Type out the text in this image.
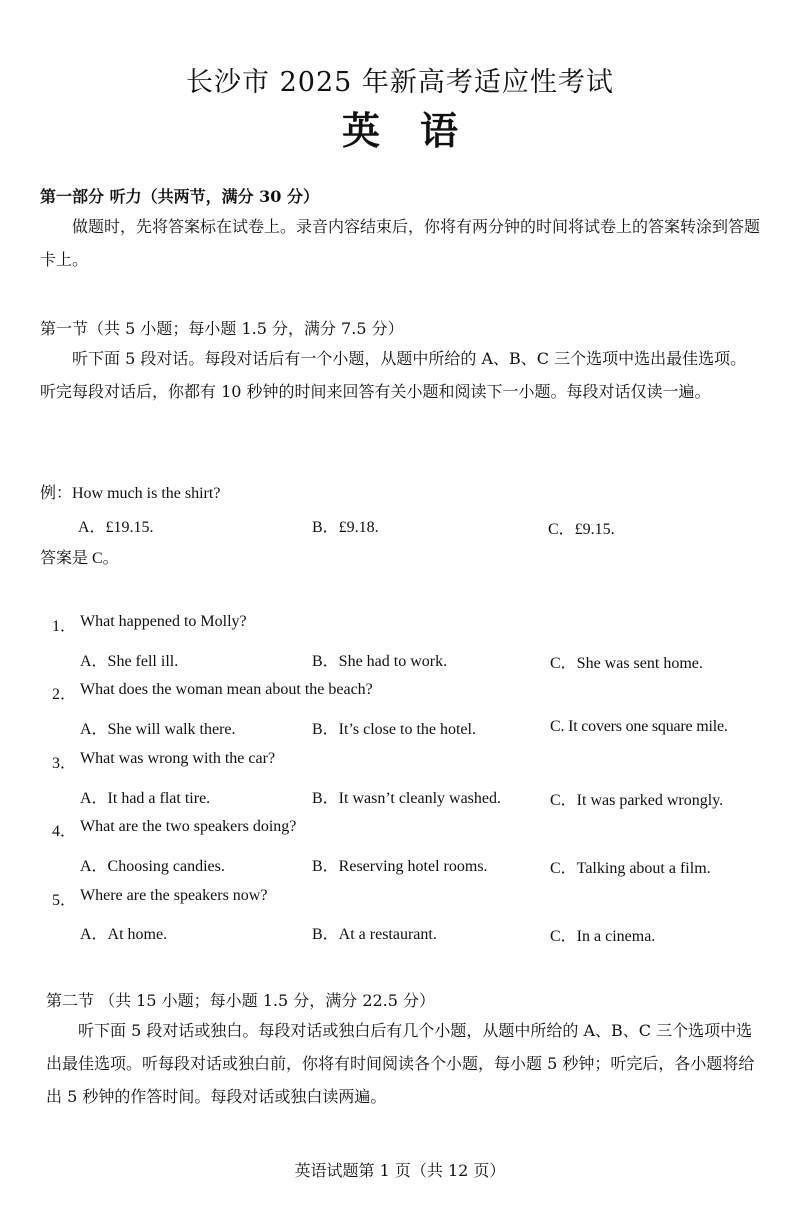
长沙市 2025 年新高考适应性考试
英语
第一部分 听力（共两节，满分 30 分）
做题时，先将答案标在试卷上。录音内容结束后，你将有两分钟的时间将试卷上的答案转涂到答题卡上。
第一节（共 5 小题；每小题 1.5 分，满分 7.5 分）
听下面 5 段对话。每段对话后有一个小题，从题中所给的 A、B、C 三个选项中选出最佳选项。听完每段对话后，你都有 10 秒钟的时间来回答有关小题和阅读下一小题。每段对话仅读一遍。
例：How much is the shirt?
A．£19.15.	B．£9.18.	C．£9.15.
答案是 C。
1． What happened to Molly?
A．She fell ill.	B．She had to work.	C．She was sent home.
2． What does the woman mean about the beach?
A．She will walk there.	B．It’s close to the hotel.	C. It covers one square mile.
3． What was wrong with the car?
A．It had a flat tire.	B．It wasn’t cleanly washed.	C．It was parked wrongly.
4． What are the two speakers doing?
A．Choosing candies.	B．Reserving hotel rooms.	C．Talking about a film.
5． Where are the speakers now?
A．At home.	B．At a restaurant.	C．In a cinema.
第二节 （共 15 小题；每小题 1.5 分，满分 22.5 分）
听下面 5 段对话或独白。每段对话或独白后有几个小题，从题中所给的 A、B、C 三个选项中选出最佳选项。听每段对话或独白前，你将有时间阅读各个小题，每小题 5 秒钟；听完后，各小题将给出 5 秒钟的作答时间。每段对话或独白读两遍。
英语试题第 1 页（共 12 页）
